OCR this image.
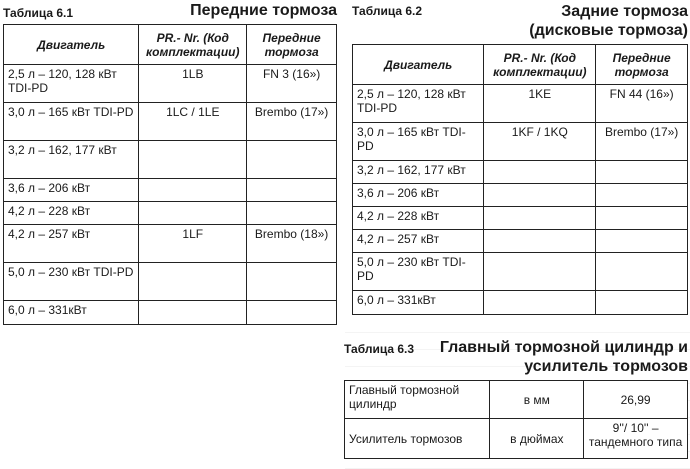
Таблица 6.1	Передние тормоза
Двигатель	PR.- Nr. (Код комплектации)	Передние тормоза
2,5 л – 120, 128 кВт TDI-PD	1LB	FN 3 (16»)
3,0 л – 165 кВт TDI-PD	1LC / 1LE	Brembo (17»)
3,2 л – 162, 177 кВт		
3,6 л – 206 кВт		
4,2 л – 228 кВт		
4,2 л – 257 кВт	1LF	Brembo (18»)
5,0 л – 230 кВт TDI-PD		
6,0 л – 331кВт		
Таблица 6.2	Задние тормоза (дисковые тормоза)
Двигатель	PR.- Nr. (Код комплектации)	Передние тормоза
2,5 л – 120, 128 кВт TDI-PD	1KE	FN 44 (16»)
3,0 л – 165 кВт TDI-PD	1KF / 1KQ	Brembo (17»)
3,2 л – 162, 177 кВт		
3,6 л – 206 кВт		
4,2 л – 228 кВт		
4,2 л – 257 кВт		
5,0 л – 230 кВт TDI-PD		
6,0 л – 331кВт		
Таблица 6.3 Главный тормозной цилиндр и усилитель тормозов
Главный тормозной цилиндр	в мм	26,99
Усилитель тормозов	в дюймах	9''/ 10'' – тандемного типа
